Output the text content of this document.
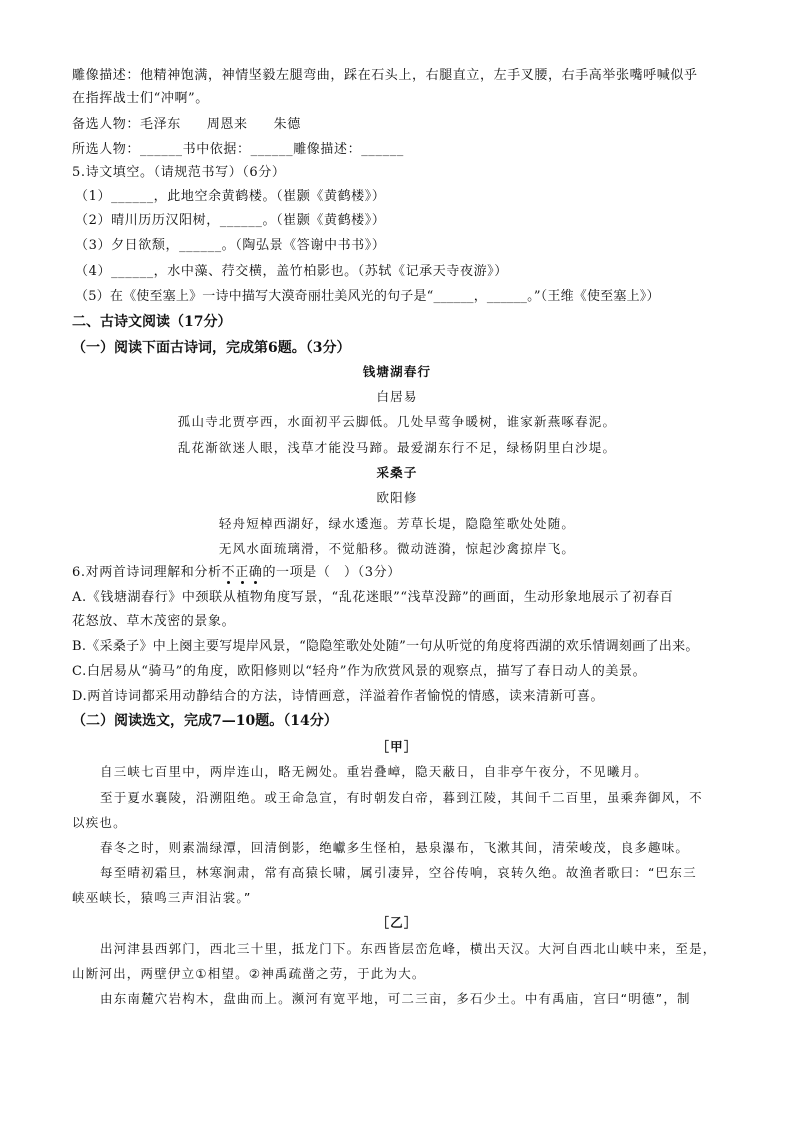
雕像描述：他精神饱满，神情坚毅左腿弯曲，踩在石头上，右腿直立，左手叉腰，右手高举张嘴呼喊似乎
在指挥战士们“冲啊”。
备选人物：毛泽东 周恩来 朱德
所选人物：______书中依据：______雕像描述：______
5.诗文填空。（请规范书写）（6分）
（1）______，此地空余黄鹤楼。（崔颢《黄鹤楼》）
（2）晴川历历汉阳树，______。（崔颢《黄鹤楼》）
（3）夕日欲颓，______。（陶弘景《答谢中书书》）
（4）______，水中藻、荇交横，盖竹柏影也。（苏轼《记承天寺夜游》）
（5）在《使至塞上》一诗中描写大漠奇丽壮美风光的句子是“______，______。”（王维《使至塞上》）
二、古诗文阅读（17分）
（一）阅读下面古诗词，完成第6题。（3分）
钱塘湖春行
白居易
孤山寺北贾亭西，水面初平云脚低。几处早莺争暖树，谁家新燕啄春泥。
乱花渐欲迷人眼，浅草才能没马蹄。最爱湖东行不足，绿杨阴里白沙堤。
采桑子
欧阳修
轻舟短棹西湖好，绿水逶迤。芳草长堤，隐隐笙歌处处随。
无风水面琉璃滑，不觉船移。微动涟漪，惊起沙禽掠岸飞。
6.对两首诗词理解和分析不正确的一项是（　）（3分）
A.《钱塘湖春行》中颈联从植物角度写景，“乱花迷眼”“浅草没蹄”的画面，生动形象地展示了初春百
花怒放、草木茂密的景象。
B.《采桑子》中上阕主要写堤岸风景，“隐隐笙歌处处随”一句从听觉的角度将西湖的欢乐情调刻画了出来。
C.白居易从“骑马”的角度，欧阳修则以“轻舟”作为欣赏风景的观察点，描写了春日动人的美景。
D.两首诗词都采用动静结合的方法，诗情画意，洋溢着作者愉悦的情感，读来清新可喜。
（二）阅读选文，完成7—10题。（14分）
［甲］
自三峡七百里中，两岸连山，略无阙处。重岩叠嶂，隐天蔽日，自非亭午夜分，不见曦月。
至于夏水襄陵，沿溯阻绝。或王命急宣，有时朝发白帝，暮到江陵，其间千二百里，虽乘奔御风，不
以疾也。
春冬之时，则素湍绿潭，回清倒影，绝巘多生怪柏，悬泉瀑布，飞漱其间，清荣峻茂，良多趣味。
每至晴初霜旦，林寒涧肃，常有高猿长啸，属引凄异，空谷传响，哀转久绝。故渔者歌曰：“巴东三
峡巫峡长，猿鸣三声泪沾裳。”
［乙］
出河津县西郭门，西北三十里，抵龙门下。东西皆层峦危峰，横出天汉。大河自西北山峡中来，至是，
山断河出，两壁伊立①相望。②神禹疏凿之劳，于此为大。
由东南麓穴岩构木，盘曲而上。濒河有宽平地，可二三亩，多石少土。中有禹庙，宫曰“明德”，制
